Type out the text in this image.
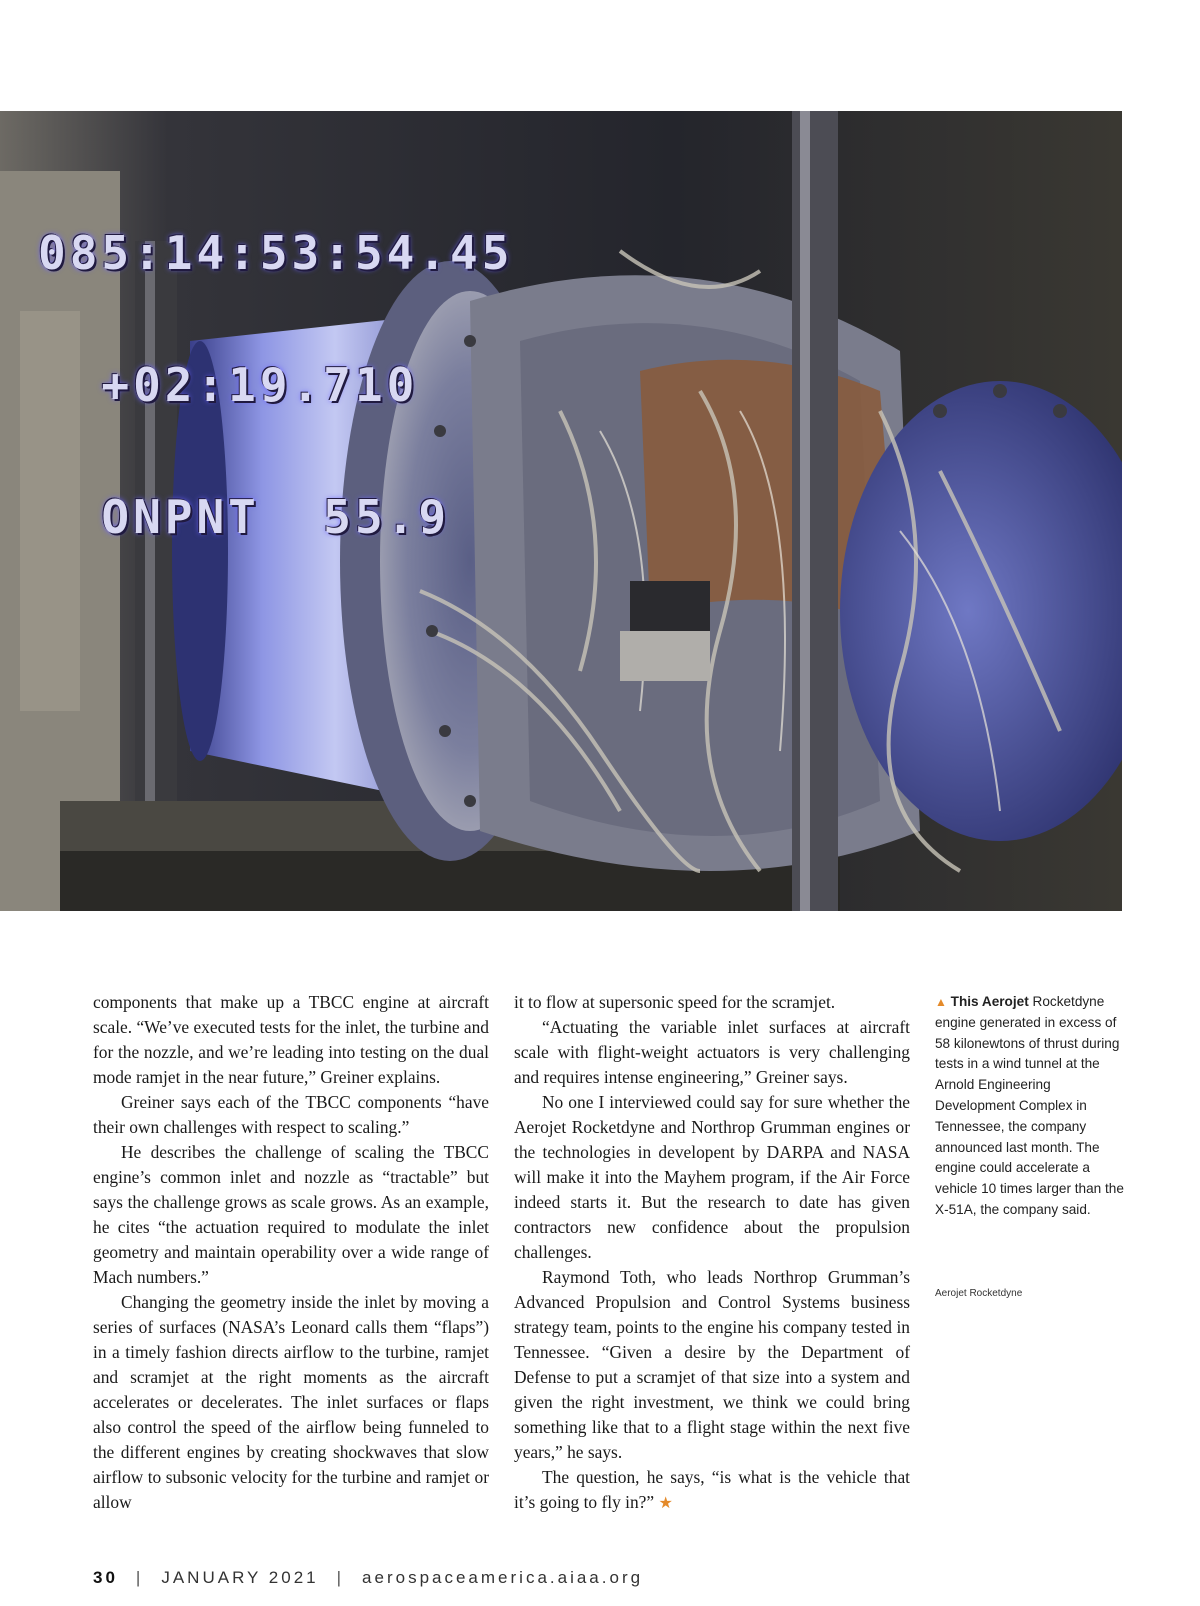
085:14:53:54.45

+02:19.710

ONPNT  55.9

components that make up a TBCC engine at aircraft scale. “We’ve executed tests for the inlet, the turbine and for the nozzle, and we’re leading into testing on the dual mode ramjet in the near future,” Greiner explains.

Greiner says each of the TBCC components “have their own challenges with respect to scaling.”

He describes the challenge of scaling the TBCC engine’s common inlet and nozzle as “tractable” but says the challenge grows as scale grows. As an example, he cites “the actuation required to modulate the inlet geometry and maintain operability over a wide range of Mach numbers.”

Changing the geometry inside the inlet by moving a series of surfaces (NASA’s Leonard calls them “flaps”) in a timely fashion directs airflow to the turbine, ramjet and scramjet at the right moments as the aircraft accelerates or decelerates. The inlet surfaces or flaps also control the speed of the airflow being funneled to the different engines by creating shockwaves that slow airflow to subsonic velocity for the turbine and ramjet or allow

it to flow at supersonic speed for the scramjet.

“Actuating the variable inlet surfaces at aircraft scale with flight-weight actuators is very challenging and requires intense engineering,” Greiner says.

No one I interviewed could say for sure whether the Aerojet Rocketdyne and Northrop Grumman engines or the technologies in developent by DARPA and NASA will make it into the Mayhem program, if the Air Force indeed starts it. But the research to date has given contractors new confidence about the propulsion challenges.

Raymond Toth, who leads Northrop Grumman’s Advanced Propulsion and Control Systems business strategy team, points to the engine his company tested in Tennessee. “Given a desire by the Department of Defense to put a scramjet of that size into a system and given the right investment, we think we could bring something like that to a flight stage within the next five years,” he says.

The question, he says, “is what is the vehicle that it’s going to fly in?” ★

▲ This Aerojet Rocketdyne engine generated in excess of 58 kilonewtons of thrust during tests in a wind tunnel at the Arnold Engineering Development Complex in Tennessee, the company announced last month. The engine could accelerate a vehicle 10 times larger than the X-51A, the company said.
Aerojet Rocketdyne
30 | JANUARY 2021 | aerospaceamerica.aiaa.org
